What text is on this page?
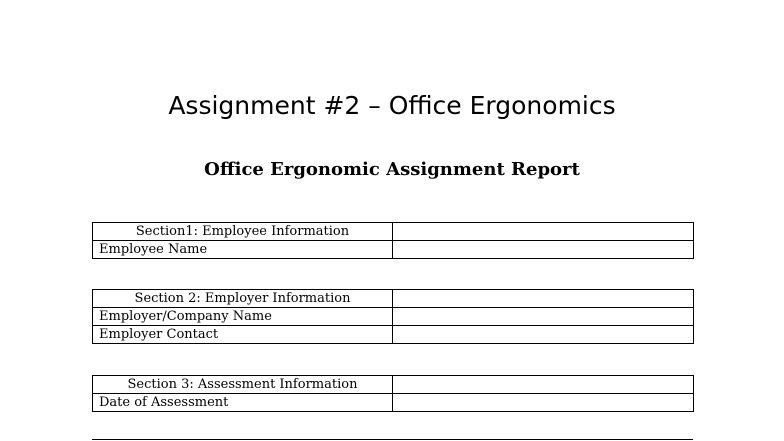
Assignment #2 – Office Ergonomics
Office Ergonomic Assignment Report
Section1: Employee Information	
Employee Name	
Section 2: Employer Information	
Employer/Company Name	
Employer Contact	
Section 3: Assessment Information	
Date of Assessment	
